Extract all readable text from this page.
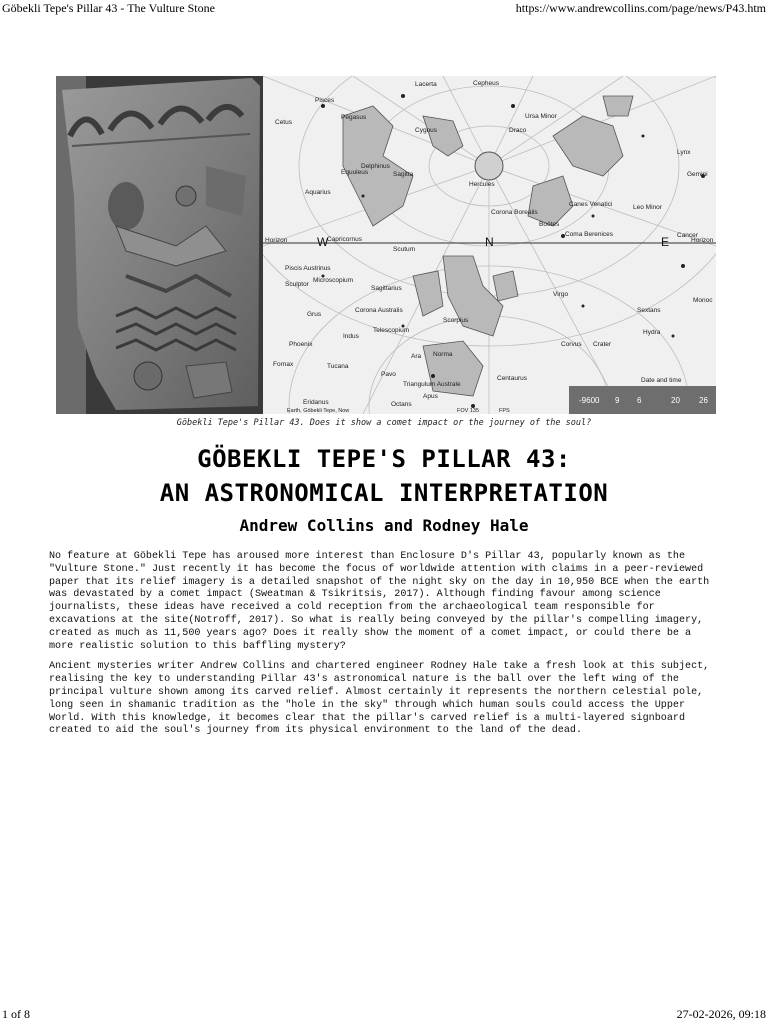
Göbekli Tepe's Pillar 43 - The Vulture Stone	https://www.andrewcollins.com/page/news/P43.htm
Lacerta	Cepheus
Pisces
Pegasus
Cygnus
Ursa Minor
Draco
Lynx
Cetus
Delphinus
Equuleus	Sagitta
Hercules
Leo Minor
Gemini
Aquarius
Corona Borealis
Canes Venatici
Boötes
Coma Berenices	Cancer
Horizon	Horizon
Capricornus
Scutum
Piscis Austrinus
Sculptor
Microscopium
Sagittarius
Virgo
Grus
Corona Australis	Sextans
Monoc
Indus
Telescopium
Scorpius
Hydra
Phoenix	Corvus Crater
Ara Norma
Tucana
Fornax
Pavo
Centaurus
Triangulum Australe
Eridanus
Apus
Octans
Date and time
Earth, Göbekli Tepe, Now	FOV 135	FPS
W	N	E
-9600 9 6	20 26
Göbekli Tepe's Pillar 43. Does it show a comet impact or the journey of the soul?
GÖBEKLI TEPE'S PILLAR 43:
AN ASTRONOMICAL INTERPRETATION
Andrew Collins and Rodney Hale

No feature at Göbekli Tepe has aroused more interest than Enclosure D's Pillar 43, popularly known as the "Vulture Stone." Just recently it has become the focus of worldwide attention with claims in a peer-reviewed paper that its relief imagery is a detailed snapshot of the night sky on the day in 10,950 BCE when the earth was devastated by a comet impact (Sweatman & Tsikritsis, 2017). Although finding favour among science journalists, these ideas have received a cold reception from the archaeological team responsible for excavations at the site(Notroff, 2017). So what is really being conveyed by the pillar's compelling imagery, created as much as 11,500 years ago? Does it really show the moment of a comet impact, or could there be a more realistic solution to this baffling mystery?

Ancient mysteries writer Andrew Collins and chartered engineer Rodney Hale take a fresh look at this subject, realising the key to understanding Pillar 43's astronomical nature is the ball over the left wing of the principal vulture shown among its carved relief. Almost certainly it represents the northern celestial pole, long seen in shamanic tradition as the "hole in the sky" through which human souls could access the Upper World. With this knowledge, it becomes clear that the pillar's carved relief is a multi-layered signboard created to aid the soul's journey from its physical environment to the land of the dead.

1 of 8	27-02-2026, 09:18
